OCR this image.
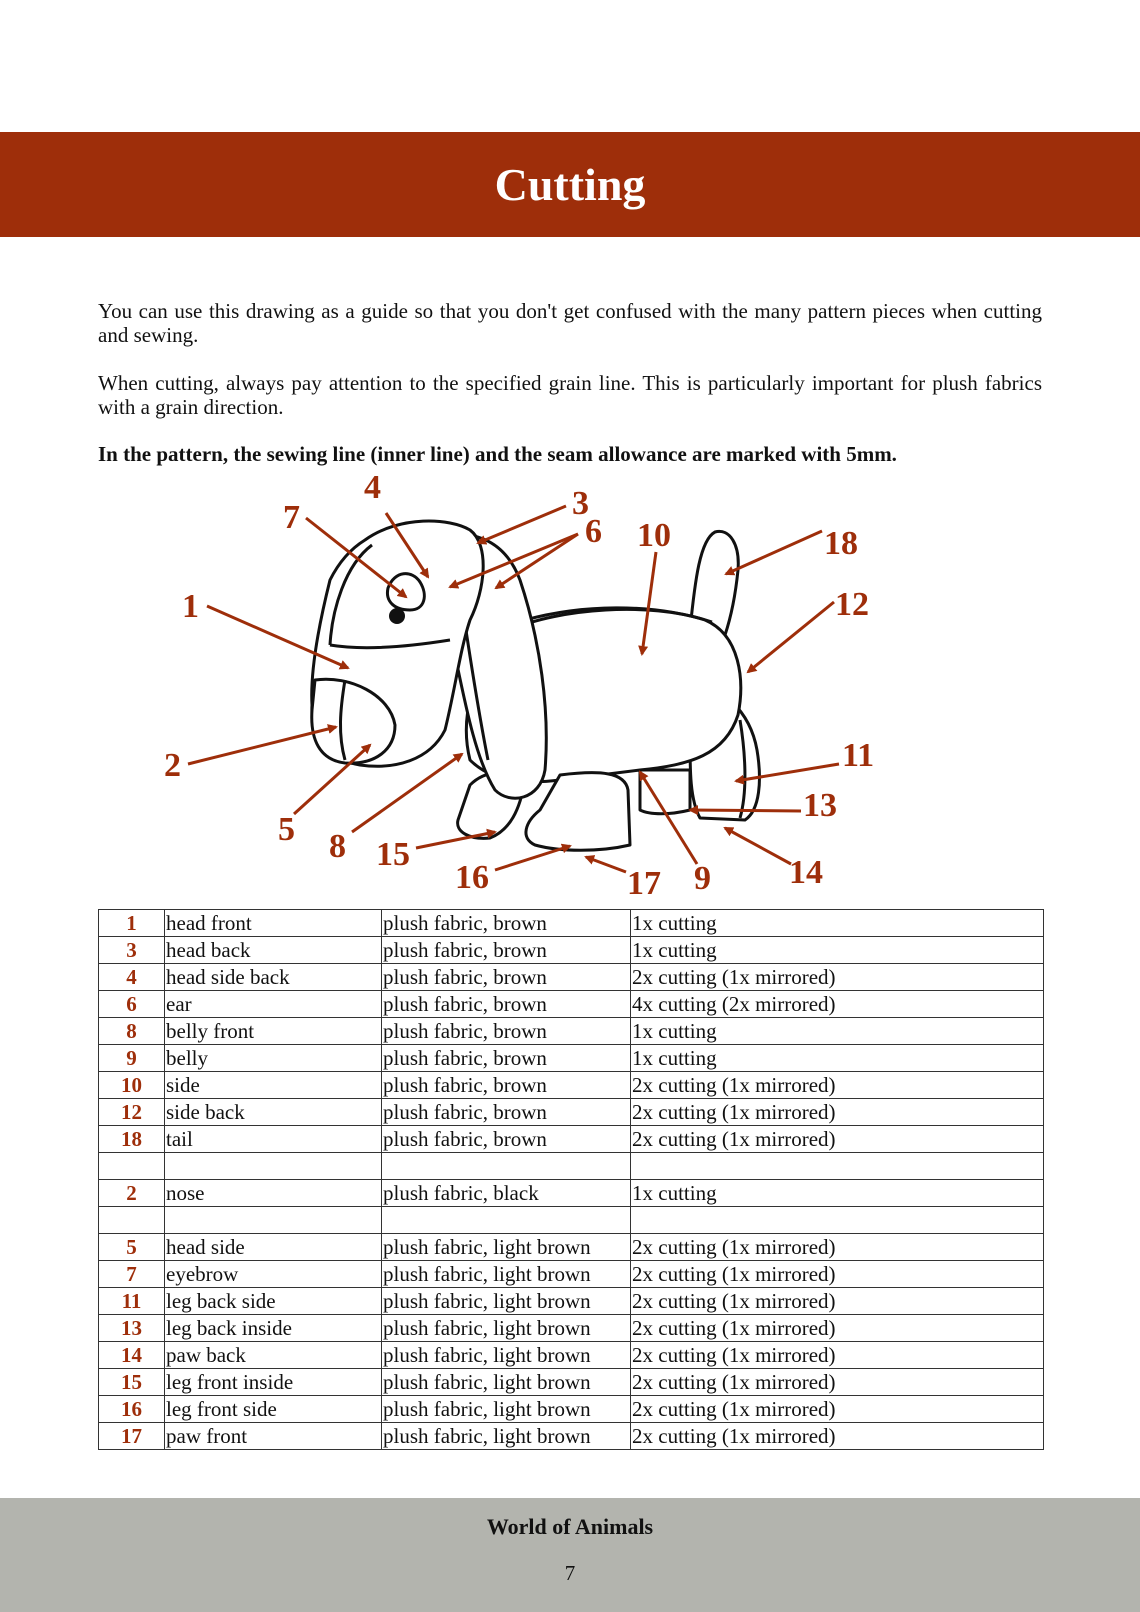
Cutting
You can use this drawing as a guide so that you don't get confused with the many pattern pieces when cutting and sewing.
When cutting, always pay attention to the specified grain line. This is particularly important for plush fabrics with a grain direction.
In the pattern, the sewing line (inner line) and the seam allowance are marked with 5mm.
1
2
3
4
5
6
7
8
9
10
11
12
13
14
15
16	17
18
1	head front	plush fabric, brown	1x cutting
3	head back	plush fabric, brown	1x cutting
4	head side back	plush fabric, brown	2x cutting (1x mirrored)
6	ear	plush fabric, brown	4x cutting (2x mirrored)
8	belly front	plush fabric, brown	1x cutting
9	belly	plush fabric, brown	1x cutting
10	side	plush fabric, brown	2x cutting (1x mirrored)
12	side back	plush fabric, brown	2x cutting (1x mirrored)
18	tail	plush fabric, brown	2x cutting (1x mirrored)

2	nose	plush fabric, black	1x cutting

5	head side	plush fabric, light brown	2x cutting (1x mirrored)
7	eyebrow	plush fabric, light brown	2x cutting (1x mirrored)
11	leg back side	plush fabric, light brown	2x cutting (1x mirrored)
13	leg back inside	plush fabric, light brown	2x cutting (1x mirrored)
14	paw back	plush fabric, light brown	2x cutting (1x mirrored)
15	leg front inside	plush fabric, light brown	2x cutting (1x mirrored)
16	leg front side	plush fabric, light brown	2x cutting (1x mirrored)
17	paw front	plush fabric, light brown	2x cutting (1x mirrored)
World of Animals
7
